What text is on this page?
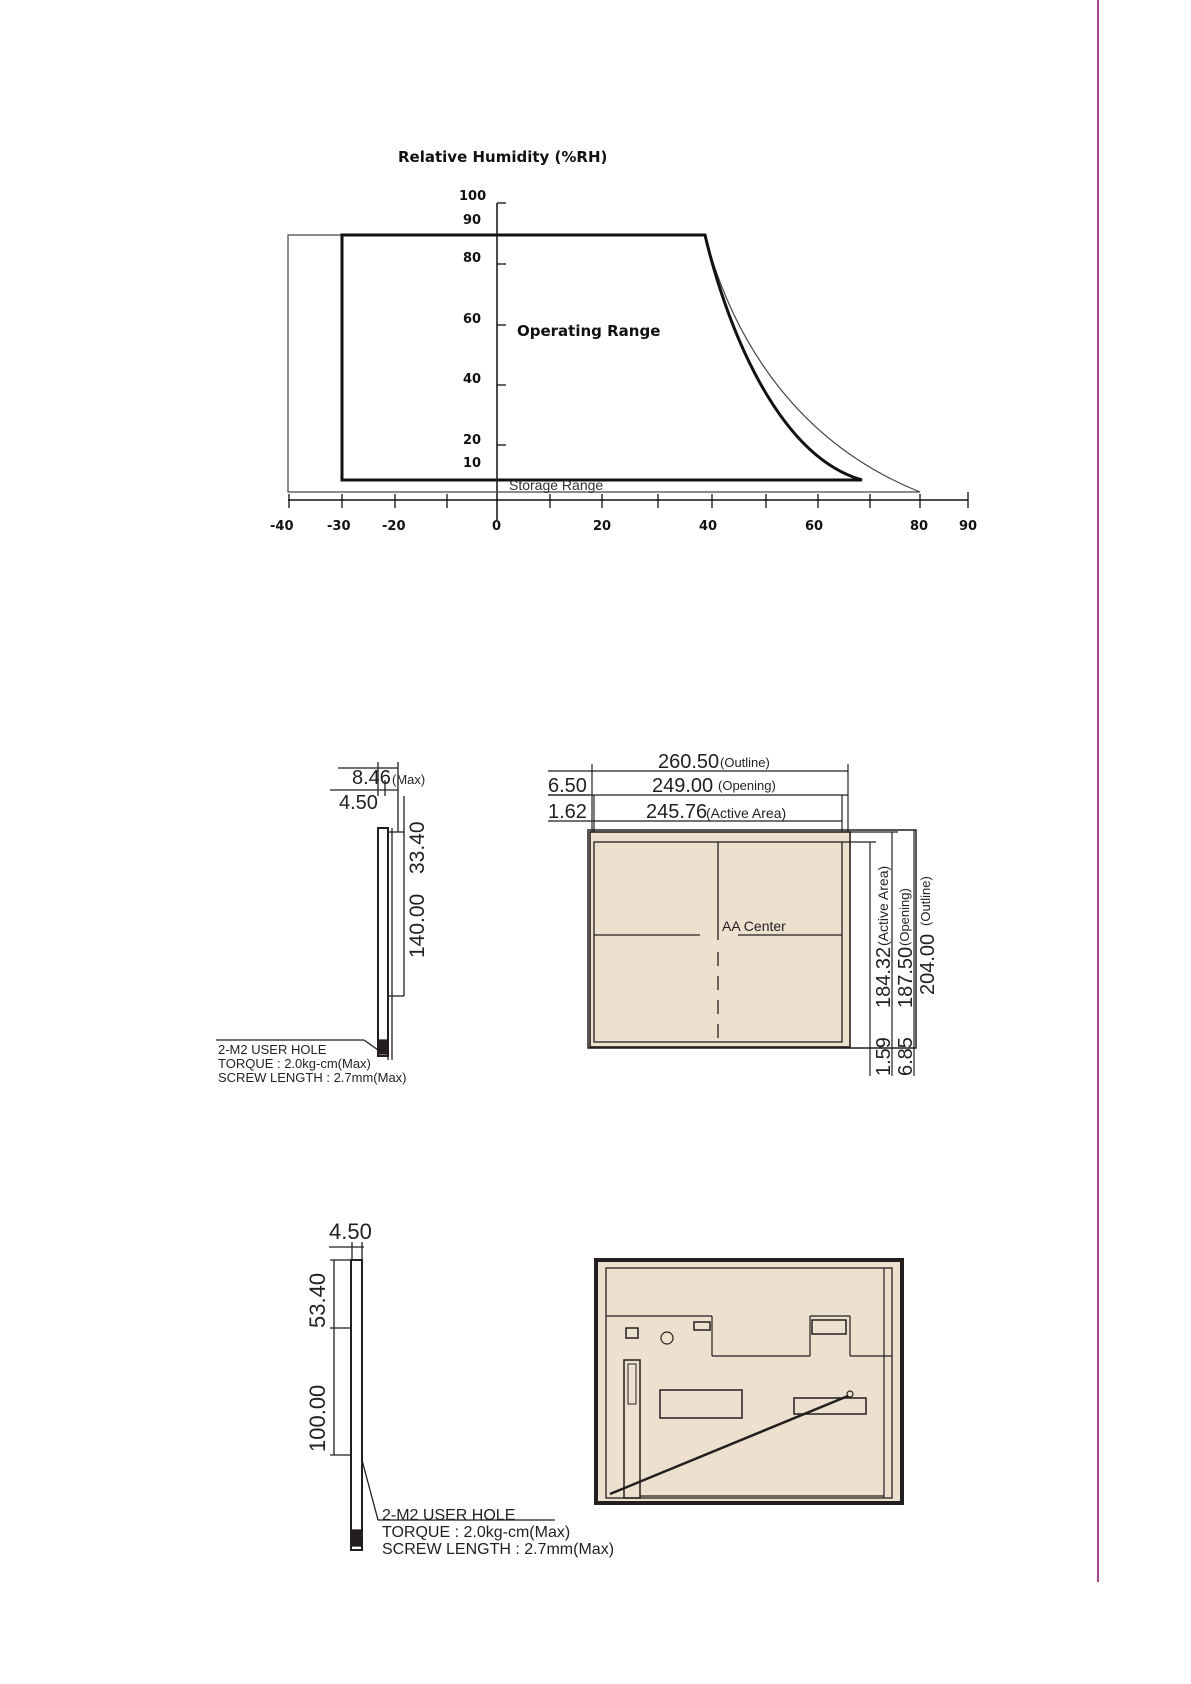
Relative Humidity (%RH)
100
90
80
60
40
20
10
-40	-30 -20	0	20	40	60	80 90
Operating Range
Storage Range
8.46 (Max)
4.50
33.40
140.00
2-M2 USER HOLE
TORQUE : 2.0kg-cm(Max)
SCREW LENGTH : 2.7mm(Max)
AA Center
260.50 (Outline)
249.00 (Opening)
245.76
(Active Area)
6.50
1.62
184.32
(Active Area)
187.50
(Opening)
204.00
(Outline)
1.59 6.85
4.50
53.40
100.00
2-M2 USER HOLE
TORQUE : 2.0kg-cm(Max)
SCREW LENGTH : 2.7mm(Max)
